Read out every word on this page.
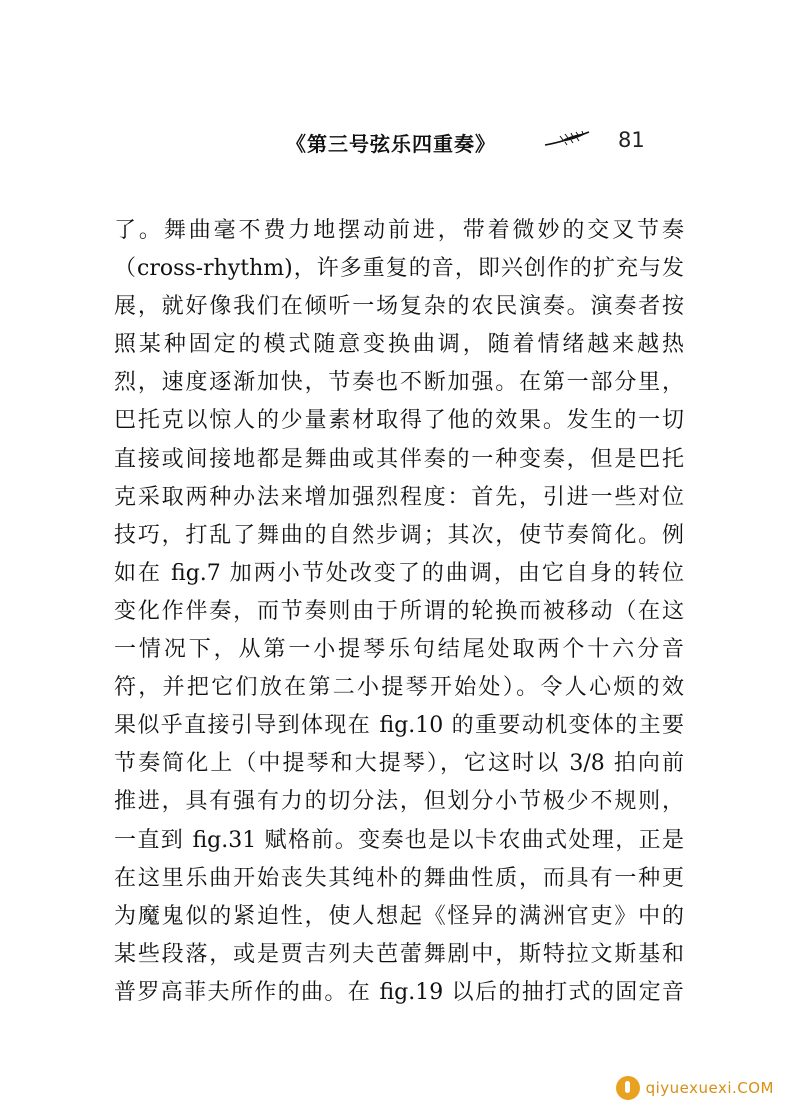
《第三号弦乐四重奏》	81
了。舞曲毫不费力地摆动前进，带着微妙的交叉节奏
（cross-rhythm)，许多重复的音，即兴创作的扩充与发
展，就好像我们在倾听一场复杂的农民演奏。演奏者按
照某种固定的模式随意变换曲调，随着情绪越来越热
烈，速度逐渐加快，节奏也不断加强。在第一部分里，
巴托克以惊人的少量素材取得了他的效果。发生的一切
直接或间接地都是舞曲或其伴奏的一种变奏，但是巴托
克采取两种办法来增加强烈程度：首先，引进一些对位
技巧，打乱了舞曲的自然步调；其次，使节奏简化。例
如在 fig.7 加两小节处改变了的曲调，由它自身的转位
变化作伴奏，而节奏则由于所谓的轮换而被移动（在这
一情况下，从第一小提琴乐句结尾处取两个十六分音
符，并把它们放在第二小提琴开始处）。令人心烦的效
果似乎直接引导到体现在 fig.10 的重要动机变体的主要
节奏简化上（中提琴和大提琴），它这时以 3/8 拍向前
推进，具有强有力的切分法，但划分小节极少不规则，
一直到 fig.31 赋格前。变奏也是以卡农曲式处理，正是
在这里乐曲开始丧失其纯朴的舞曲性质，而具有一种更
为魔鬼似的紧迫性，使人想起《怪异的满洲官吏》中的
某些段落，或是贾吉列夫芭蕾舞剧中，斯特拉文斯基和
普罗高菲夫所作的曲。在 fig.19 以后的抽打式的固定音
qiyuexuexi.COM
